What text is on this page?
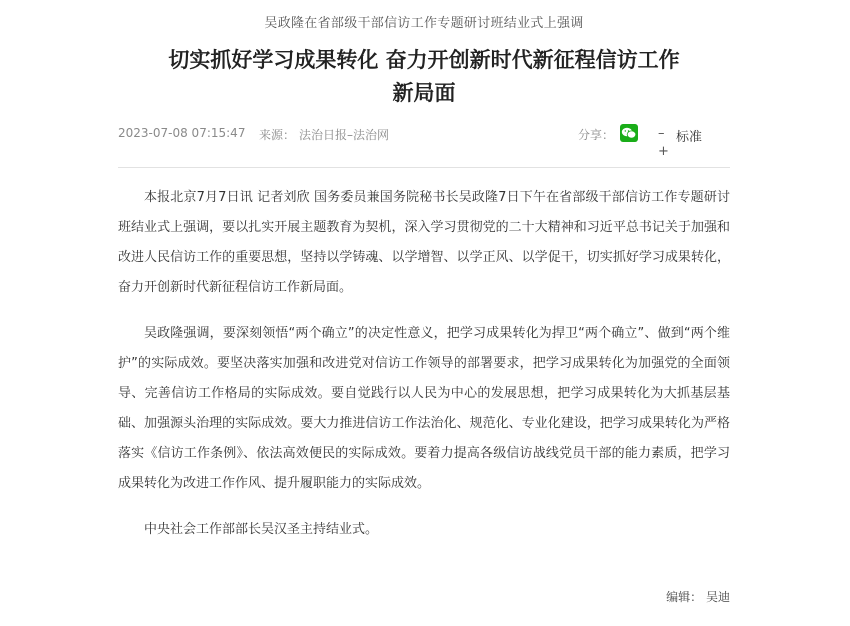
吴政隆在省部级干部信访工作专题研讨班结业式上强调
切实抓好学习成果转化 奋力开创新时代新征程信访工作
新局面
2023-07-08 07:15:47 来源： 法治日报–法治网	分享：	– 标准
+

本报北京7月7日讯 记者刘欣 国务委员兼国务院秘书长吴政隆7日下午在省部级干部信访工作专题研讨班结业式上强调，要以扎实开展主题教育为契机，深入学习贯彻党的二十大精神和习近平总书记关于加强和改进人民信访工作的重要思想，坚持以学铸魂、以学增智、以学正风、以学促干，切实抓好学习成果转化，奋力开创新时代新征程信访工作新局面。

吴政隆强调，要深刻领悟“两个确立”的决定性意义，把学习成果转化为捍卫“两个确立”、做到“两个维护”的实际成效。要坚决落实加强和改进党对信访工作领导的部署要求，把学习成果转化为加强党的全面领导、完善信访工作格局的实际成效。要自觉践行以人民为中心的发展思想，把学习成果转化为大抓基层基础、加强源头治理的实际成效。要大力推进信访工作法治化、规范化、专业化建设，把学习成果转化为严格落实《信访工作条例》、依法高效便民的实际成效。要着力提高各级信访战线党员干部的能力素质，把学习成果转化为改进工作作风、提升履职能力的实际成效。

中央社会工作部部长吴汉圣主持结业式。

编辑： 吴迪
